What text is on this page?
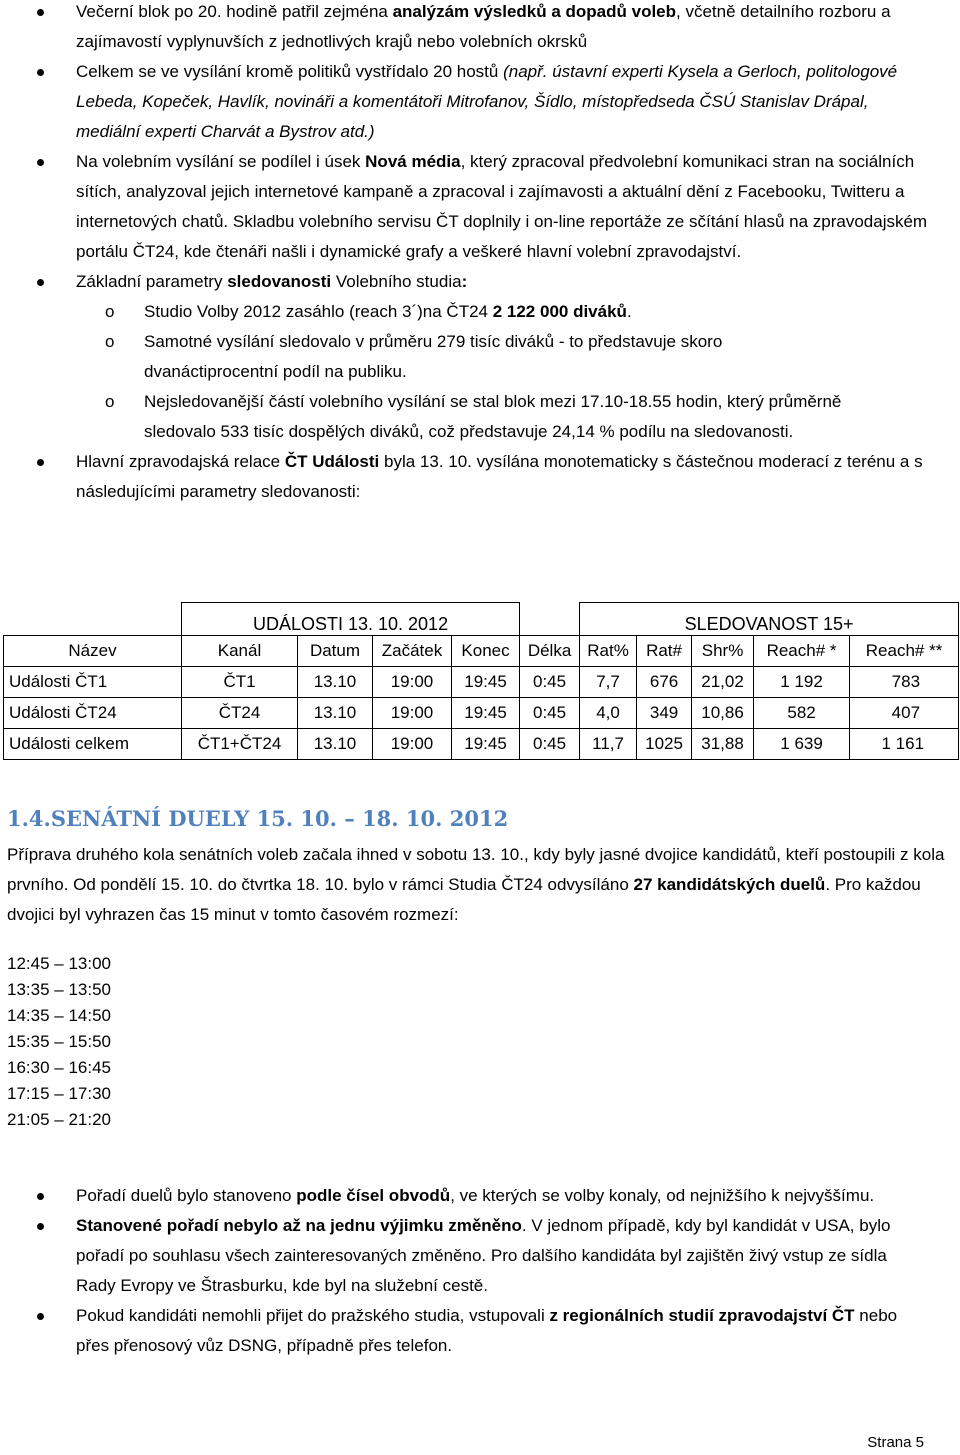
Večerní blok po 20. hodině patřil zejména analýzám výsledků a dopadů voleb, včetně detailního rozboru a zajímavostí vyplynuvších z jednotlivých krajů nebo volebních okrsků
Celkem se ve vysílání kromě politiků vystřídalo 20 hostů (např. ústavní experti Kysela a Gerloch, politologové Lebeda, Kopeček, Havlík, novináři a komentátoři Mitrofanov, Šídlo, místopředseda ČSÚ Stanislav Drápal, mediální experti Charvát a Bystrov atd.)
Na volebním vysílání se podílel i úsek Nová média, který zpracoval předvolební komunikaci stran na sociálních sítích, analyzoval jejich internetové kampaně a zpracoval i zajímavosti a aktuální dění z Facebooku, Twitteru a internetových chatů. Skladbu volebního servisu ČT doplnily i on-line reportáže ze sčítání hlasů na zpravodajském portálu ČT24, kde čtenáři našli i dynamické grafy a veškeré hlavní volební zpravodajství.
Základní parametry sledovanosti Volebního studia:
o Studio Volby 2012 zasáhlo (reach 3´)na ČT24 2 122 000 diváků.
o Samotné vysílání sledovalo v průměru 279 tisíc diváků - to představuje skoro dvanáctiprocentní podíl na publiku.
o Nejsledovanější částí volebního vysílání se stal blok mezi 17.10-18.55 hodin, který průměrně sledovalo 533 tisíc dospělých diváků, což představuje 24,14 % podílu na sledovanosti.
Hlavní zpravodajská relace ČT Události byla 13. 10. vysílána monotematicky s částečnou moderací z terénu a s následujícími parametry sledovanosti:
	UDÁLOSTI 13. 10. 2012					SLEDOVANOST 15+				
Název	Kanál	Datum	Začátek	Konec	Délka	Rat%	Rat#	Shr%	Reach# *	Reach# **
Události ČT1	ČT1	13.10	19:00	19:45	0:45	7,7	676	21,02	1 192	783
Události ČT24	ČT24	13.10	19:00	19:45	0:45	4,0	349	10,86	582	407
Události celkem	ČT1+ČT24	13.10	19:00	19:45	0:45	11,7	1025	31,88	1 639	1 161
1.4.SENÁTNÍ DUELY 15. 10. – 18. 10. 2012
Příprava druhého kola senátních voleb začala ihned v sobotu 13. 10., kdy byly jasné dvojice kandidátů, kteří postoupili z kola prvního. Od pondělí 15. 10. do čtvrtka 18. 10. bylo v rámci Studia ČT24 odvysíláno 27 kandidátských duelů. Pro každou dvojici byl vyhrazen čas 15 minut v tomto časovém rozmezí:
12:45 – 13:00
13:35 – 13:50
14:35 – 14:50
15:35 – 15:50
16:30 – 16:45
17:15 – 17:30
21:05 – 21:20
Pořadí duelů bylo stanoveno podle čísel obvodů, ve kterých se volby konaly, od nejnižšího k nejvyššímu.
Stanovené pořadí nebylo až na jednu výjimku změněno. V jednom případě, kdy byl kandidát v USA, bylo pořadí po souhlasu všech zainteresovaných změněno. Pro dalšího kandidáta byl zajištěn živý vstup ze sídla Rady Evropy ve Štrasburku, kde byl na služební cestě.
Pokud kandidáti nemohli přijet do pražského studia, vstupovali z regionálních studií zpravodajství ČT nebo přes přenosový vůz DSNG, případně přes telefon.
Strana 5
